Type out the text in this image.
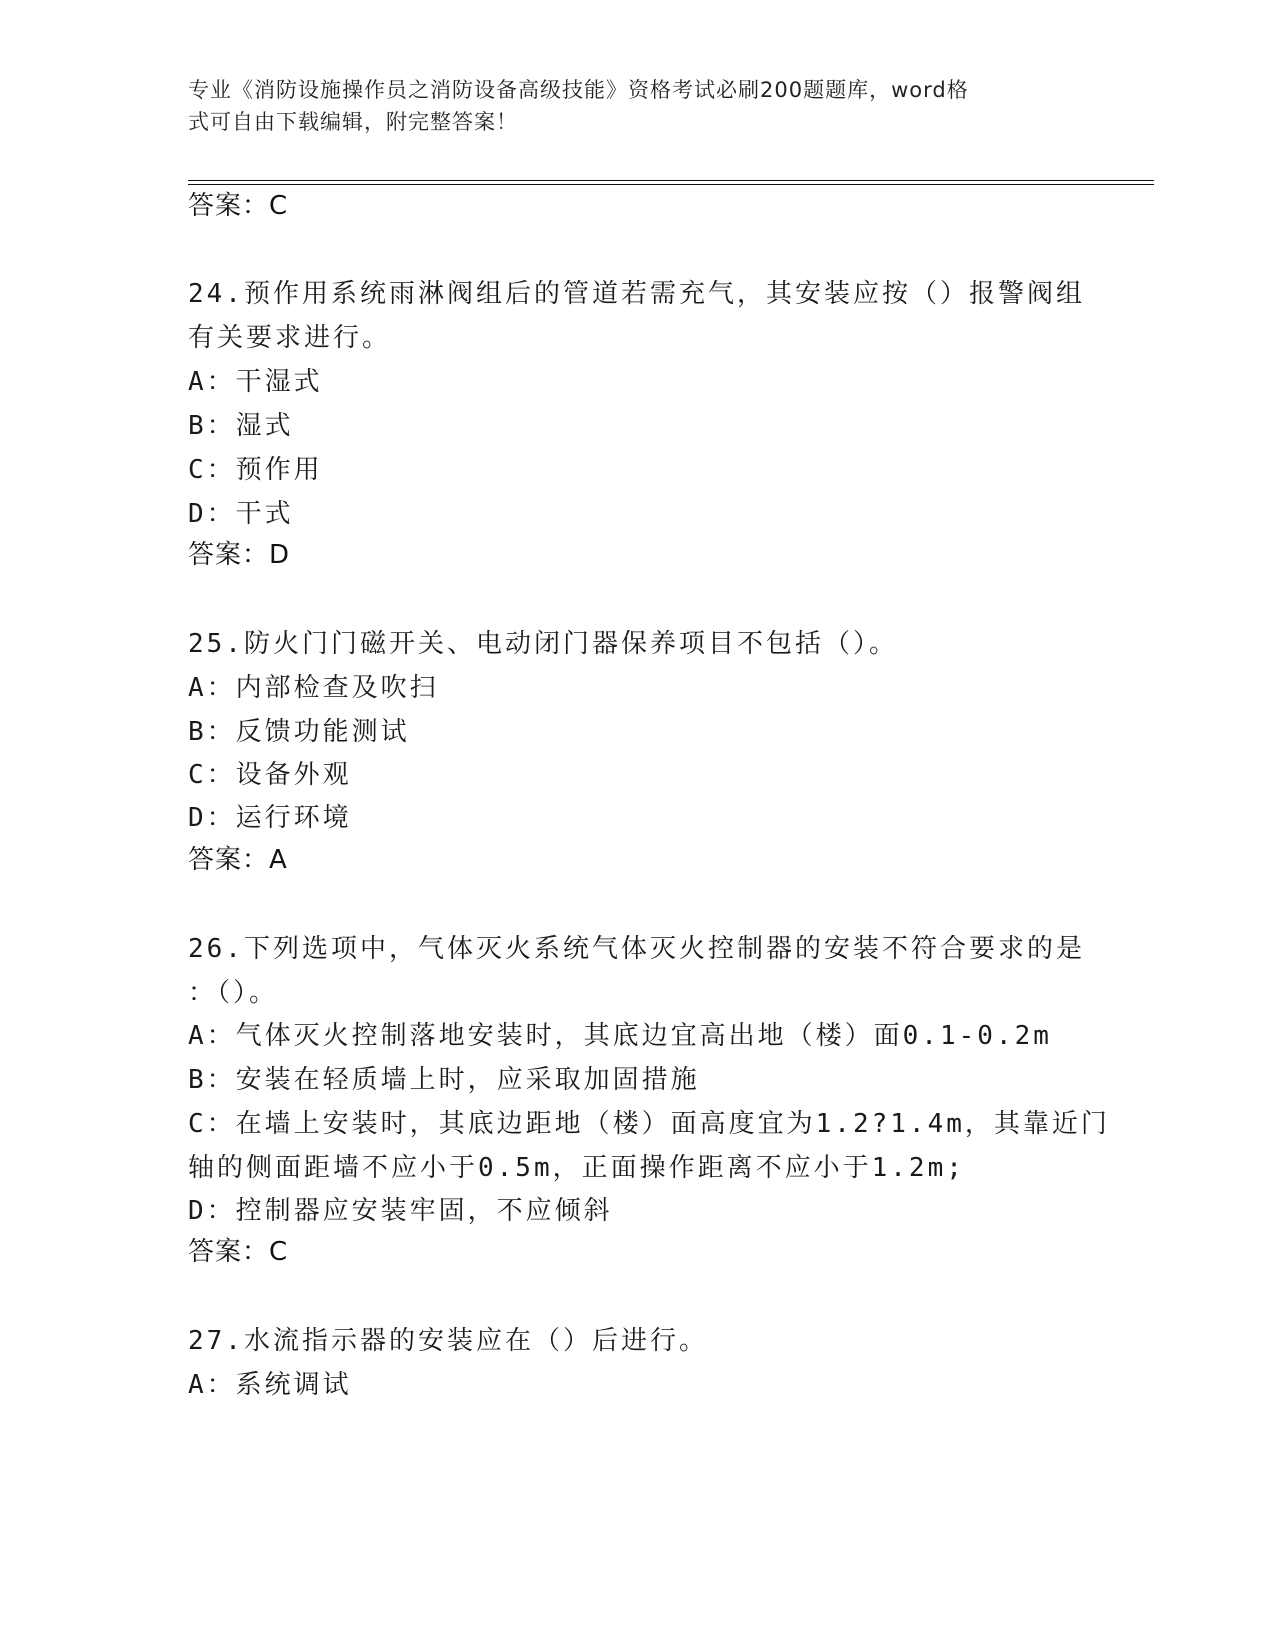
专业《消防设施操作员之消防设备高级技能》资格考试必刷200题题库，word格
式可自由下载编辑，附完整答案！
答案：C
24.预作用系统雨淋阀组后的管道若需充气，其安装应按（）报警阀组
有关要求进行。
A：干湿式
B：湿式
C：预作用
D：干式
答案：D
25.防火门门磁开关、电动闭门器保养项目不包括（）。
A：内部检查及吹扫
B：反馈功能测试
C：设备外观
D：运行环境
答案：A
26.下列选项中，气体灭火系统气体灭火控制器的安装不符合要求的是
：（）。
A：气体灭火控制落地安装时，其底边宜高出地（楼）面0.1-0.2m
B：安装在轻质墙上时，应采取加固措施
C：在墙上安装时，其底边距地（楼）面高度宜为1.2?1.4m，其靠近门
轴的侧面距墙不应小于0.5m，正面操作距离不应小于1.2m;
D：控制器应安装牢固，不应倾斜
答案：C
27.水流指示器的安装应在（）后进行。
A：系统调试
